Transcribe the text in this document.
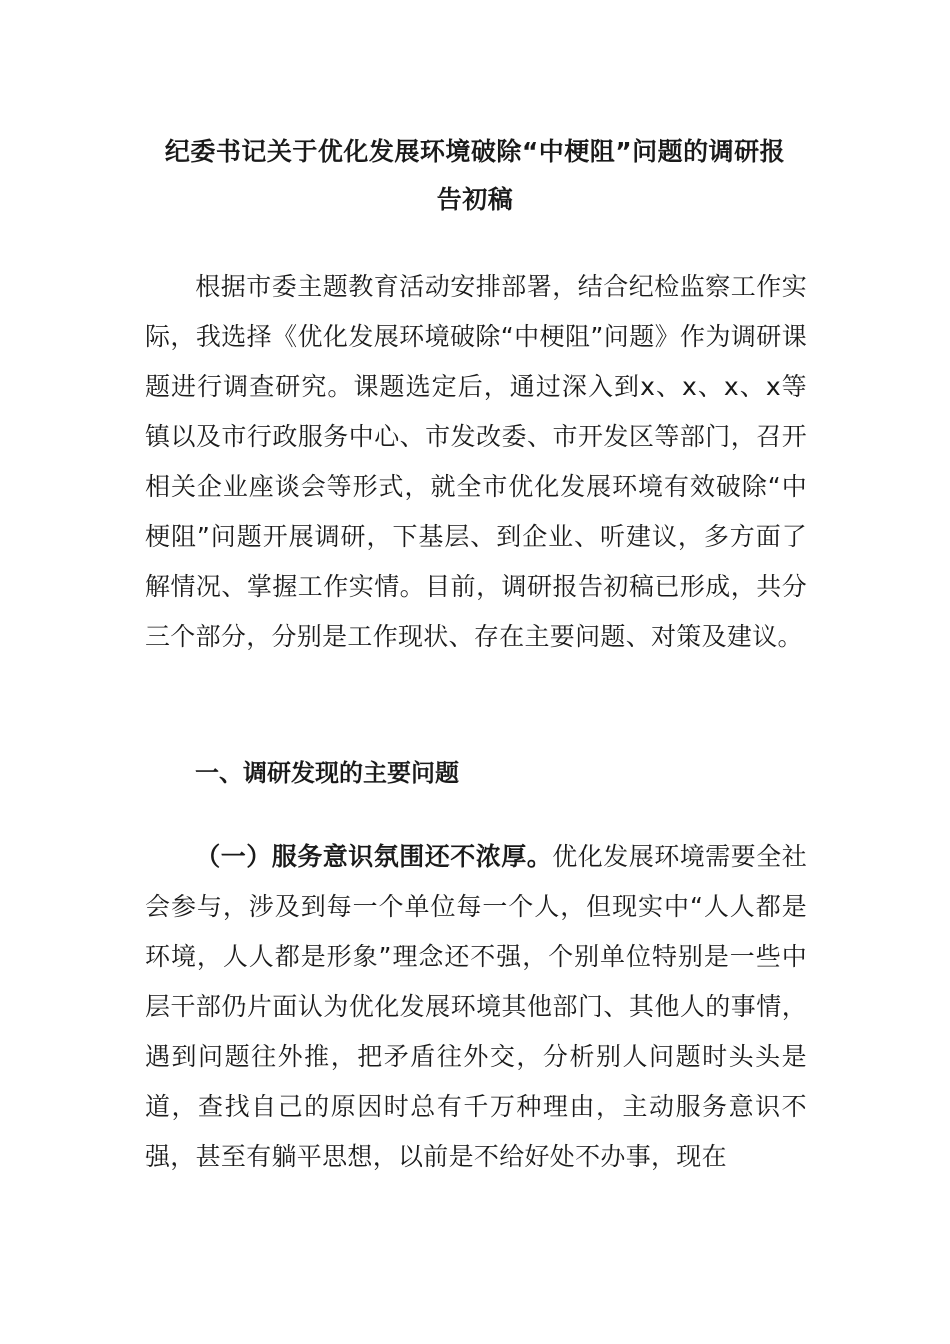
纪委书记关于优化发展环境破除“中梗阻”问题的调研报
告初稿
根据市委主题教育活动安排部署，结合纪检监察工作实际，我选择《优化发展环境破除“中梗阻”问题》作为调研课题进行调查研究。课题选定后，通过深入到x、x、x、x等镇以及市行政服务中心、市发改委、市开发区等部门，召开相关企业座谈会等形式，就全市优化发展环境有效破除“中梗阻”问题开展调研，下基层、到企业、听建议，多方面了解情况、掌握工作实情。目前，调研报告初稿已形成，共分三个部分，分别是工作现状、存在主要问题、对策及建议。
一、调研发现的主要问题
（一）服务意识氛围还不浓厚。优化发展环境需要全社会参与，涉及到每一个单位每一个人，但现实中“人人都是环境，人人都是形象”理念还不强，个别单位特别是一些中层干部仍片面认为优化发展环境其他部门、其他人的事情，遇到问题往外推，把矛盾往外交，分析别人问题时头头是道，查找自己的原因时总有千万种理由，主动服务意识不强，甚至有躺平思想，以前是不给好处不办事，现在
